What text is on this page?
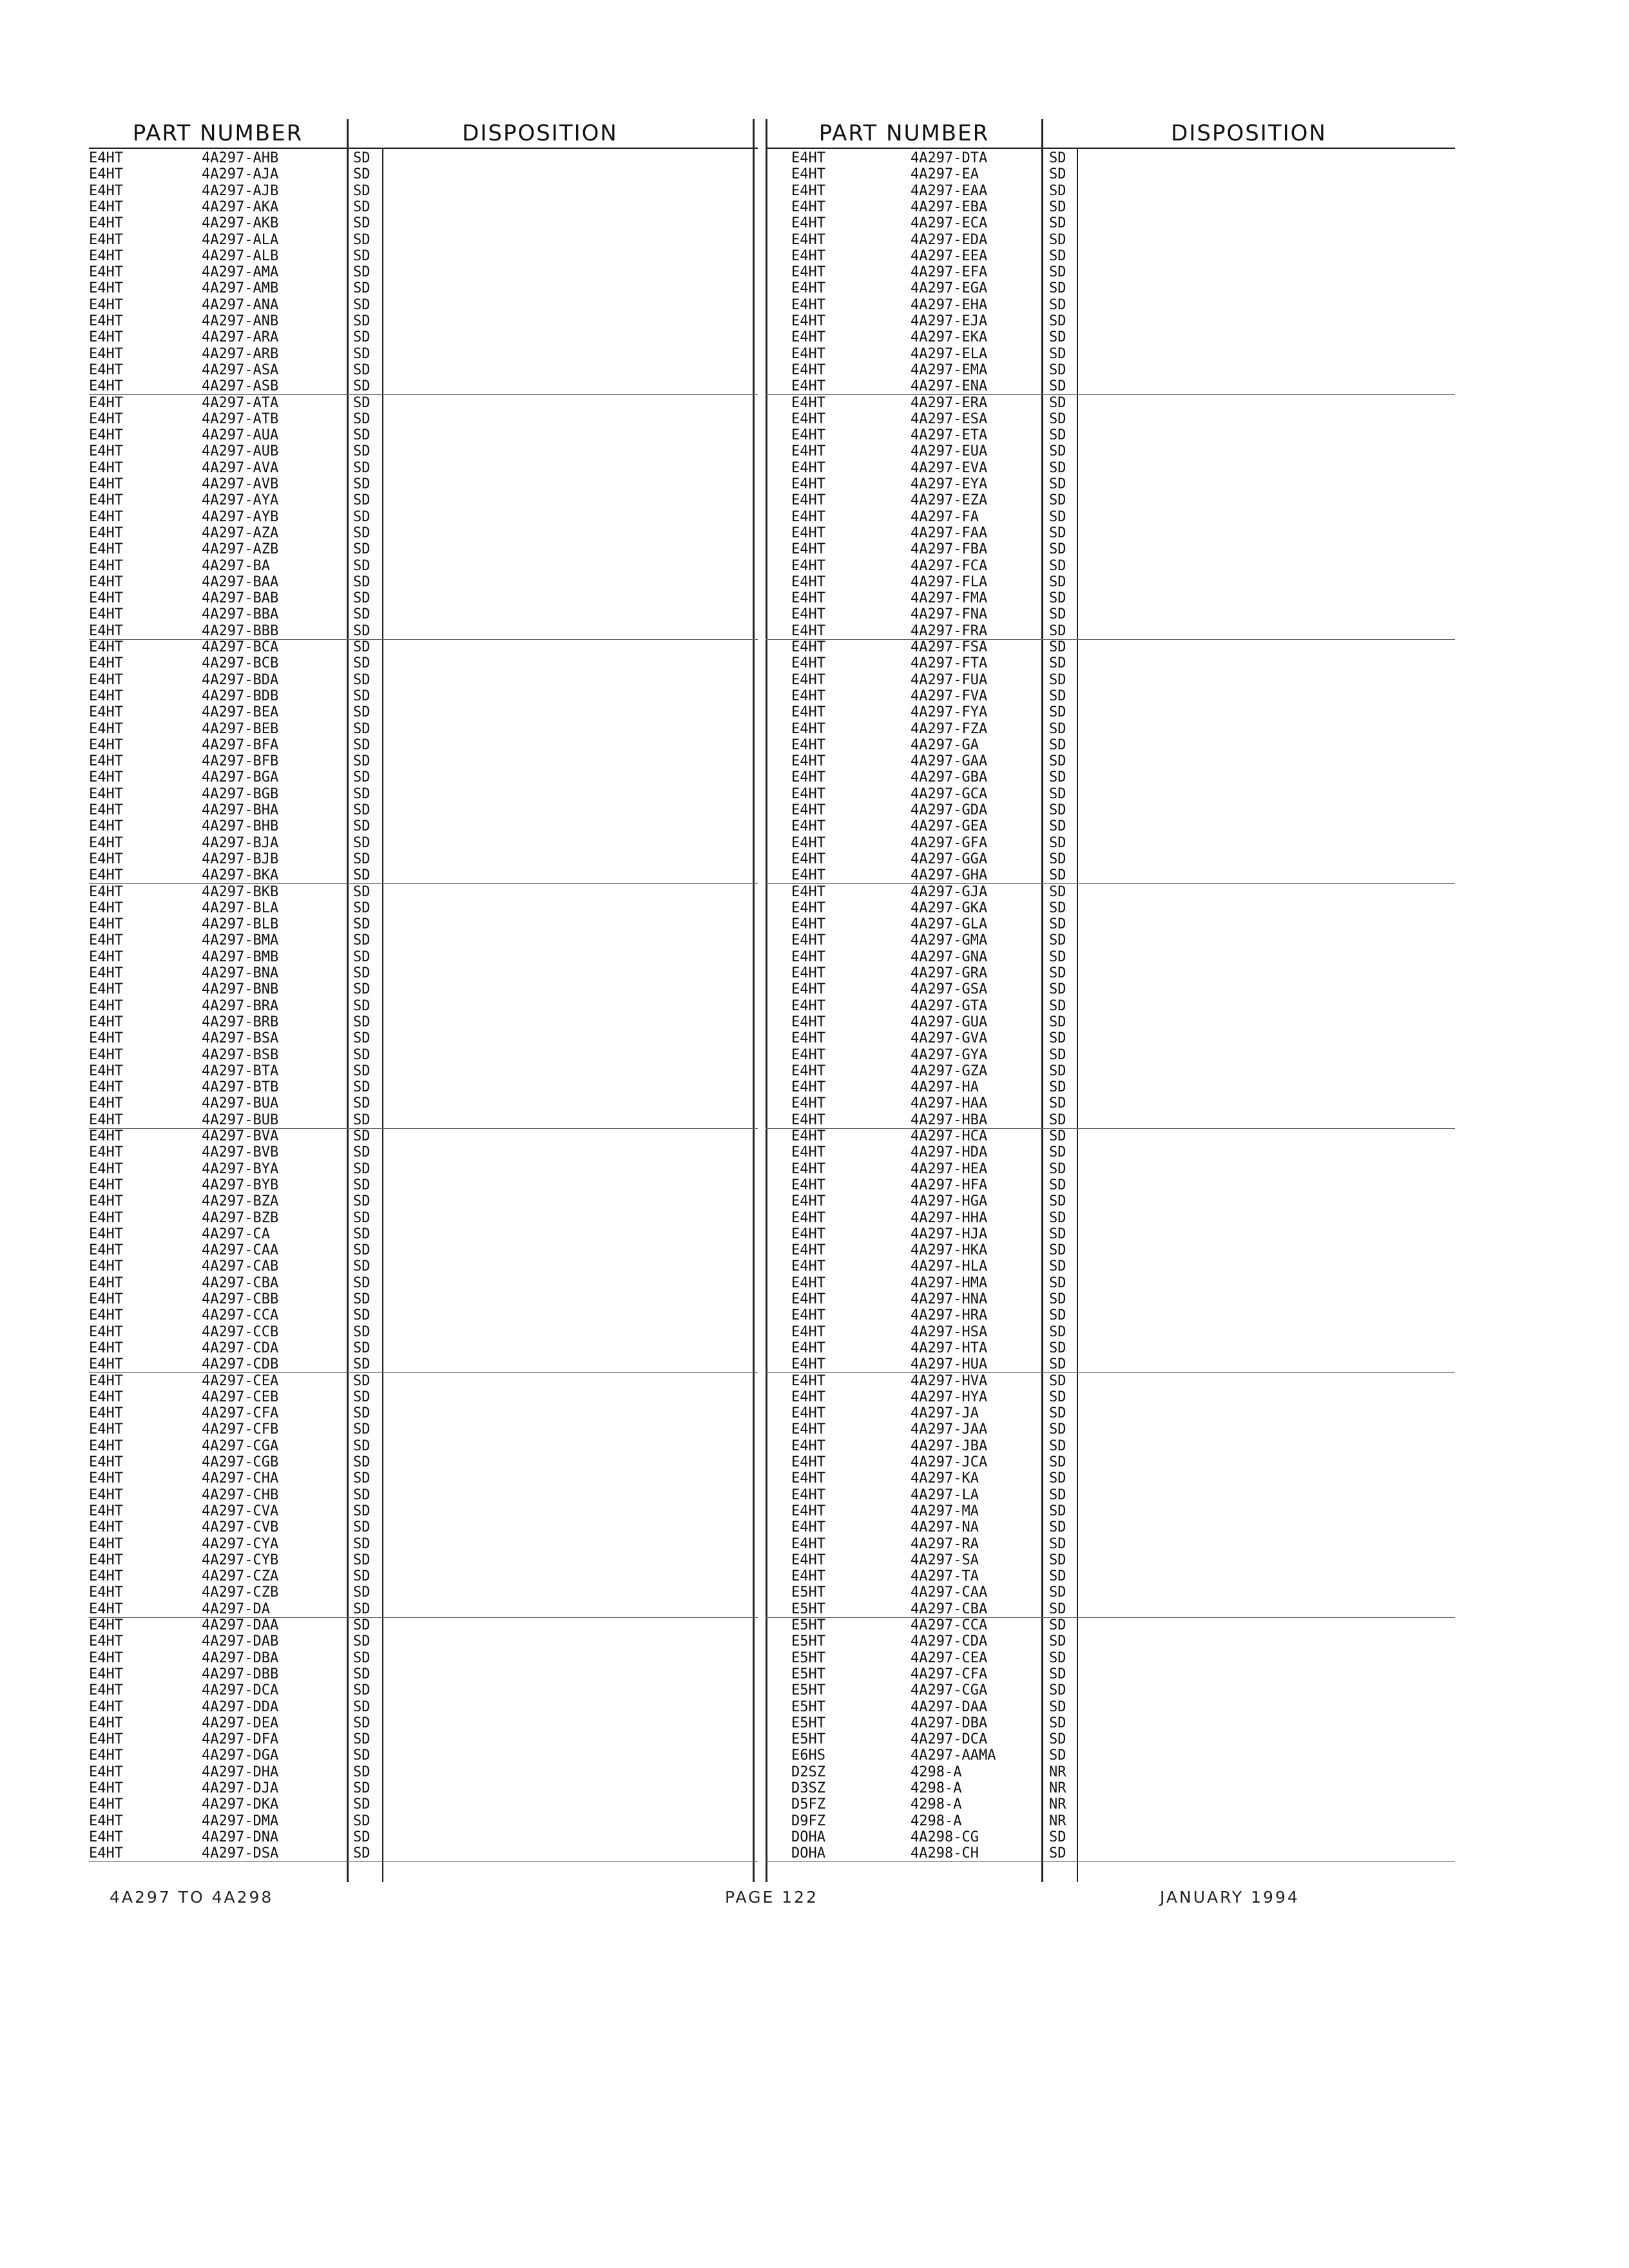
PART NUMBER	DISPOSITION
E4HT	4A297-AHB	SD
E4HT	4A297-AJA	SD
E4HT	4A297-AJB	SD
E4HT	4A297-AKA	SD
E4HT	4A297-AKB	SD
E4HT	4A297-ALA	SD
E4HT	4A297-ALB	SD
E4HT	4A297-AMA	SD
E4HT	4A297-AMB	SD
E4HT	4A297-ANA	SD
E4HT	4A297-ANB	SD
E4HT	4A297-ARA	SD
E4HT	4A297-ARB	SD
E4HT	4A297-ASA	SD
E4HT	4A297-ASB	SD
E4HT	4A297-ATA	SD
E4HT	4A297-ATB	SD
E4HT	4A297-AUA	SD
E4HT	4A297-AUB	SD
E4HT	4A297-AVA	SD
E4HT	4A297-AVB	SD
E4HT	4A297-AYA	SD
E4HT	4A297-AYB	SD
E4HT	4A297-AZA	SD
E4HT	4A297-AZB	SD
E4HT	4A297-BA	SD
E4HT	4A297-BAA	SD
E4HT	4A297-BAB	SD
E4HT	4A297-BBA	SD
E4HT	4A297-BBB	SD
E4HT	4A297-BCA	SD
E4HT	4A297-BCB	SD
E4HT	4A297-BDA	SD
E4HT	4A297-BDB	SD
E4HT	4A297-BEA	SD
E4HT	4A297-BEB	SD
E4HT	4A297-BFA	SD
E4HT	4A297-BFB	SD
E4HT	4A297-BGA	SD
E4HT	4A297-BGB	SD
E4HT	4A297-BHA	SD
E4HT	4A297-BHB	SD
E4HT	4A297-BJA	SD
E4HT	4A297-BJB	SD
E4HT	4A297-BKA	SD
E4HT	4A297-BKB	SD
E4HT	4A297-BLA	SD
E4HT	4A297-BLB	SD
E4HT	4A297-BMA	SD
E4HT	4A297-BMB	SD
E4HT	4A297-BNA	SD
E4HT	4A297-BNB	SD
E4HT	4A297-BRA	SD
E4HT	4A297-BRB	SD
E4HT	4A297-BSA	SD
E4HT	4A297-BSB	SD
E4HT	4A297-BTA	SD
E4HT	4A297-BTB	SD
E4HT	4A297-BUA	SD
E4HT	4A297-BUB	SD
E4HT	4A297-BVA	SD
E4HT	4A297-BVB	SD
E4HT	4A297-BYA	SD
E4HT	4A297-BYB	SD
E4HT	4A297-BZA	SD
E4HT	4A297-BZB	SD
E4HT	4A297-CA	SD
E4HT	4A297-CAA	SD
E4HT	4A297-CAB	SD
E4HT	4A297-CBA	SD
E4HT	4A297-CBB	SD
E4HT	4A297-CCA	SD
E4HT	4A297-CCB	SD
E4HT	4A297-CDA	SD
E4HT	4A297-CDB	SD
E4HT	4A297-CEA	SD
E4HT	4A297-CEB	SD
E4HT	4A297-CFA	SD
E4HT	4A297-CFB	SD
E4HT	4A297-CGA	SD
E4HT	4A297-CGB	SD
E4HT	4A297-CHA	SD
E4HT	4A297-CHB	SD
E4HT	4A297-CVA	SD
E4HT	4A297-CVB	SD
E4HT	4A297-CYA	SD
E4HT	4A297-CYB	SD
E4HT	4A297-CZA	SD
E4HT	4A297-CZB	SD
E4HT	4A297-DA	SD
E4HT	4A297-DAA	SD
E4HT	4A297-DAB	SD
E4HT	4A297-DBA	SD
E4HT	4A297-DBB	SD
E4HT	4A297-DCA	SD
E4HT	4A297-DDA	SD
E4HT	4A297-DEA	SD
E4HT	4A297-DFA	SD
E4HT	4A297-DGA	SD
E4HT	4A297-DHA	SD
E4HT	4A297-DJA	SD
E4HT	4A297-DKA	SD
E4HT	4A297-DMA	SD
E4HT	4A297-DNA	SD
E4HT	4A297-DSA	SD
PART NUMBER	DISPOSITION
E4HT	4A297-DTA	SD
E4HT	4A297-EA	SD
E4HT	4A297-EAA	SD
E4HT	4A297-EBA	SD
E4HT	4A297-ECA	SD
E4HT	4A297-EDA	SD
E4HT	4A297-EEA	SD
E4HT	4A297-EFA	SD
E4HT	4A297-EGA	SD
E4HT	4A297-EHA	SD
E4HT	4A297-EJA	SD
E4HT	4A297-EKA	SD
E4HT	4A297-ELA	SD
E4HT	4A297-EMA	SD
E4HT	4A297-ENA	SD
E4HT	4A297-ERA	SD
E4HT	4A297-ESA	SD
E4HT	4A297-ETA	SD
E4HT	4A297-EUA	SD
E4HT	4A297-EVA	SD
E4HT	4A297-EYA	SD
E4HT	4A297-EZA	SD
E4HT	4A297-FA	SD
E4HT	4A297-FAA	SD
E4HT	4A297-FBA	SD
E4HT	4A297-FCA	SD
E4HT	4A297-FLA	SD
E4HT	4A297-FMA	SD
E4HT	4A297-FNA	SD
E4HT	4A297-FRA	SD
E4HT	4A297-FSA	SD
E4HT	4A297-FTA	SD
E4HT	4A297-FUA	SD
E4HT	4A297-FVA	SD
E4HT	4A297-FYA	SD
E4HT	4A297-FZA	SD
E4HT	4A297-GA	SD
E4HT	4A297-GAA	SD
E4HT	4A297-GBA	SD
E4HT	4A297-GCA	SD
E4HT	4A297-GDA	SD
E4HT	4A297-GEA	SD
E4HT	4A297-GFA	SD
E4HT	4A297-GGA	SD
E4HT	4A297-GHA	SD
E4HT	4A297-GJA	SD
E4HT	4A297-GKA	SD
E4HT	4A297-GLA	SD
E4HT	4A297-GMA	SD
E4HT	4A297-GNA	SD
E4HT	4A297-GRA	SD
E4HT	4A297-GSA	SD
E4HT	4A297-GTA	SD
E4HT	4A297-GUA	SD
E4HT	4A297-GVA	SD
E4HT	4A297-GYA	SD
E4HT	4A297-GZA	SD
E4HT	4A297-HA	SD
E4HT	4A297-HAA	SD
E4HT	4A297-HBA	SD
E4HT	4A297-HCA	SD
E4HT	4A297-HDA	SD
E4HT	4A297-HEA	SD
E4HT	4A297-HFA	SD
E4HT	4A297-HGA	SD
E4HT	4A297-HHA	SD
E4HT	4A297-HJA	SD
E4HT	4A297-HKA	SD
E4HT	4A297-HLA	SD
E4HT	4A297-HMA	SD
E4HT	4A297-HNA	SD
E4HT	4A297-HRA	SD
E4HT	4A297-HSA	SD
E4HT	4A297-HTA	SD
E4HT	4A297-HUA	SD
E4HT	4A297-HVA	SD
E4HT	4A297-HYA	SD
E4HT	4A297-JA	SD
E4HT	4A297-JAA	SD
E4HT	4A297-JBA	SD
E4HT	4A297-JCA	SD
E4HT	4A297-KA	SD
E4HT	4A297-LA	SD
E4HT	4A297-MA	SD
E4HT	4A297-NA	SD
E4HT	4A297-RA	SD
E4HT	4A297-SA	SD
E4HT	4A297-TA	SD
E5HT	4A297-CAA	SD
E5HT	4A297-CBA	SD
E5HT	4A297-CCA	SD
E5HT	4A297-CDA	SD
E5HT	4A297-CEA	SD
E5HT	4A297-CFA	SD
E5HT	4A297-CGA	SD
E5HT	4A297-DAA	SD
E5HT	4A297-DBA	SD
E5HT	4A297-DCA	SD
E6HS	4A297-AAMA	SD
D2SZ	4298-A	NR
D3SZ	4298-A	NR
D5FZ	4298-A	NR
D9FZ	4298-A	NR
DOHA	4A298-CG	SD
DOHA	4A298-CH	SD
4A297 TO 4A298	PAGE 122	JANUARY 1994
